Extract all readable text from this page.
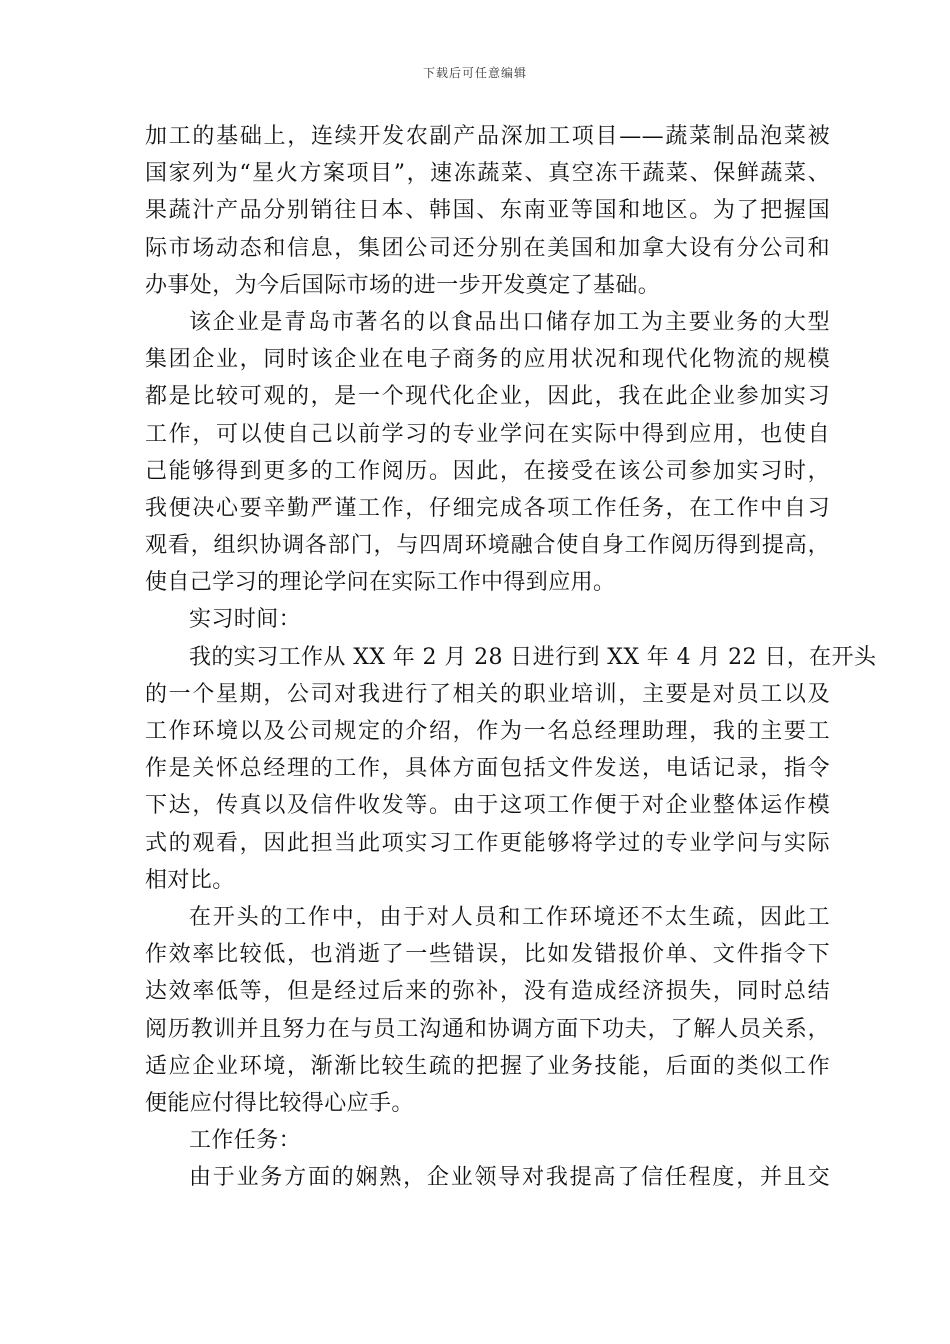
下载后可任意编辑
加工的基础上，连续开发农副产品深加工项目——蔬菜制品泡菜被
国家列为“星火方案项目”，速冻蔬菜、真空冻干蔬菜、保鲜蔬菜、
果蔬汁产品分别销往日本、韩国、东南亚等国和地区。为了把握国
际市场动态和信息，集团公司还分别在美国和加拿大设有分公司和
办事处，为今后国际市场的进一步开发奠定了基础。
该企业是青岛市著名的以食品出口储存加工为主要业务的大型
集团企业，同时该企业在电子商务的应用状况和现代化物流的规模
都是比较可观的，是一个现代化企业，因此，我在此企业参加实习
工作，可以使自己以前学习的专业学问在实际中得到应用，也使自
己能够得到更多的工作阅历。因此，在接受在该公司参加实习时，
我便决心要辛勤严谨工作，仔细完成各项工作任务，在工作中自习
观看，组织协调各部门，与四周环境融合使自身工作阅历得到提高，
使自己学习的理论学问在实际工作中得到应用。
实习时间：
我的实习工作从 XX 年 2 月 28 日进行到 XX 年 4 月 22 日，在开头
的一个星期，公司对我进行了相关的职业培训，主要是对员工以及
工作环境以及公司规定的介绍，作为一名总经理助理，我的主要工
作是关怀总经理的工作，具体方面包括文件发送，电话记录，指令
下达，传真以及信件收发等。由于这项工作便于对企业整体运作模
式的观看，因此担当此项实习工作更能够将学过的专业学问与实际
相对比。
在开头的工作中，由于对人员和工作环境还不太生疏，因此工
作效率比较低，也消逝了一些错误，比如发错报价单、文件指令下
达效率低等，但是经过后来的弥补，没有造成经济损失，同时总结
阅历教训并且努力在与员工沟通和协调方面下功夫，了解人员关系，
适应企业环境，渐渐比较生疏的把握了业务技能，后面的类似工作
便能应付得比较得心应手。
工作任务：
由于业务方面的娴熟，企业领导对我提高了信任程度，并且交
